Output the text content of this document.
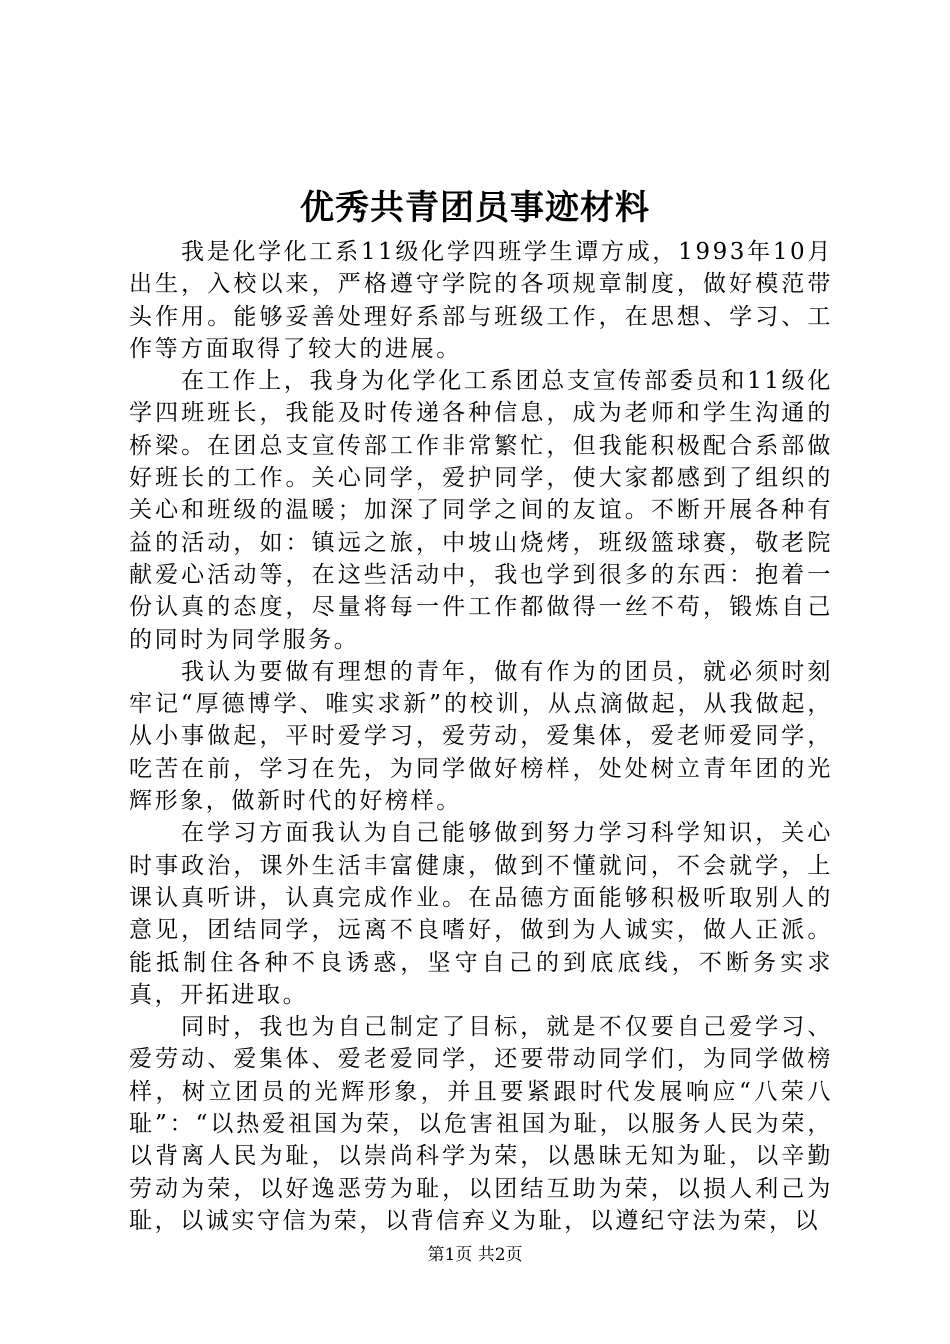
优秀共青团员事迹材料

我是化学化工系11级化学四班学生谭方成，1993年10月出生，入校以来，严格遵守学院的各项规章制度，做好模范带头作用。能够妥善处理好系部与班级工作，在思想、学习、工作等方面取得了较大的进展。

在工作上，我身为化学化工系团总支宣传部委员和11级化学四班班长，我能及时传递各种信息，成为老师和学生沟通的桥梁。在团总支宣传部工作非常繁忙，但我能积极配合系部做好班长的工作。关心同学，爱护同学，使大家都感到了组织的关心和班级的温暖；加深了同学之间的友谊。不断开展各种有益的活动，如：镇远之旅，中坡山烧烤，班级篮球赛，敬老院献爱心活动等，在这些活动中，我也学到很多的东西：抱着一份认真的态度，尽量将每一件工作都做得一丝不苟，锻炼自己的同时为同学服务。

我认为要做有理想的青年，做有作为的团员，就必须时刻牢记“厚德博学、唯实求新”的校训，从点滴做起，从我做起，从小事做起，平时爱学习，爱劳动，爱集体，爱老师爱同学，吃苦在前，学习在先，为同学做好榜样，处处树立青年团的光辉形象，做新时代的好榜样。

在学习方面我认为自己能够做到努力学习科学知识，关心时事政治，课外生活丰富健康，做到不懂就问，不会就学，上课认真听讲，认真完成作业。在品德方面能够积极听取别人的意见，团结同学，远离不良嗜好，做到为人诚实，做人正派。能抵制住各种不良诱惑，坚守自己的到底底线，不断务实求真，开拓进取。

同时，我也为自己制定了目标，就是不仅要自己爱学习、爱劳动、爱集体、爱老爱同学，还要带动同学们，为同学做榜样，树立团员的光辉形象，并且要紧跟时代发展响应“八荣八耻”：“以热爱祖国为荣，以危害祖国为耻，以服务人民为荣，以背离人民为耻，以崇尚科学为荣，以愚昧无知为耻，以辛勤劳动为荣，以好逸恶劳为耻，以团结互助为荣，以损人利己为耻，以诚实守信为荣，以背信弃义为耻，以遵纪守法为荣，以

第1页 共2页
